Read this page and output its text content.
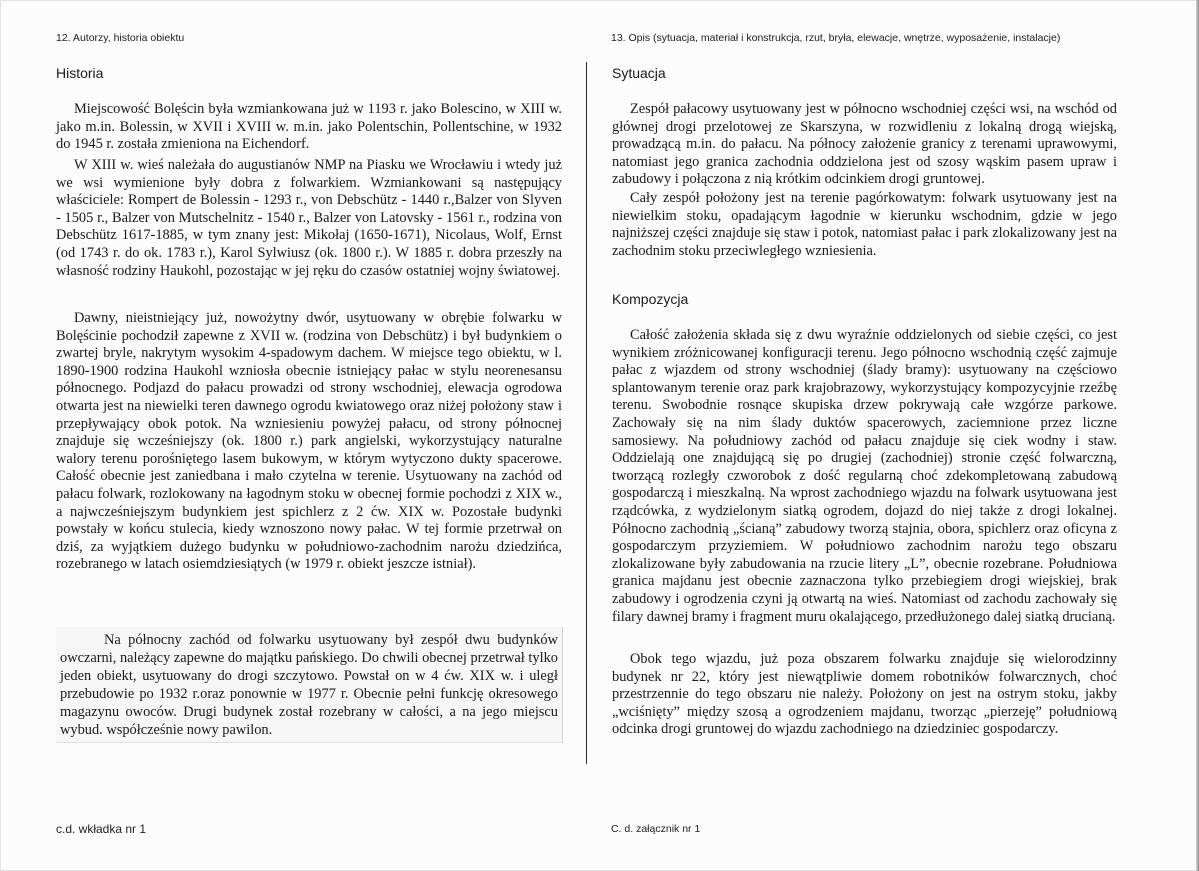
12. Autorzy, historia obiektu
Historia

Miejscowość Bolęścin była wzmiankowana już w 1193 r. jako Bolescino, w XIII w. jako m.in. Bolessin, w XVII i XVIII w. m.in. jako Polentschin, Pollentschine, w 1932 do 1945 r. została zmieniona na Eichendorf.

W XIII w. wieś należała do augustianów NMP na Piasku we Wrocławiu i wtedy już we wsi wymienione były dobra z folwarkiem. Wzmiankowani są następujący właściciele: Rompert de Bolessin - 1293 r., von Debschütz - 1440 r.,Balzer von Slyven - 1505 r., Balzer von Mutschelnitz - 1540 r., Balzer von Latovsky - 1561 r., rodzina von Debschütz 1617-1885, w tym znany jest: Mikołaj (1650-1671), Nicolaus, Wolf, Ernst (od 1743 r. do ok. 1783 r.), Karol Sylwiusz (ok. 1800 r.). W 1885 r. dobra przeszły na własność rodziny Haukohl, pozostając w jej ręku do czasów ostatniej wojny światowej.

Dawny, nieistniejący już, nowożytny dwór, usytuowany w obrębie folwarku w Bolęścinie pochodził zapewne z XVII w. (rodzina von Debschütz) i był budynkiem o zwartej bryle, nakrytym wysokim 4-spadowym dachem. W miejsce tego obiektu, w l. 1890-1900 rodzina Haukohl wzniosła obecnie istniejący pałac w stylu neorenesansu północnego. Podjazd do pałacu prowadzi od strony wschodniej, elewacja ogrodowa otwarta jest na niewielki teren dawnego ogrodu kwiatowego oraz niżej położony staw i przepływający obok potok. Na wzniesieniu powyżej pałacu, od strony północnej znajduje się wcześniejszy (ok. 1800 r.) park angielski, wykorzystujący naturalne walory terenu porośniętego lasem bukowym, w którym wytyczono dukty spacerowe. Całość obecnie jest zaniedbana i mało czytelna w terenie. Usytuowany na zachód od pałacu folwark, rozlokowany na łagodnym stoku w obecnej formie pochodzi z XIX w., a najwcześniejszym budynkiem jest spichlerz z 2 ćw. XIX w. Pozostałe budynki powstały w końcu stulecia, kiedy wznoszono nowy pałac. W tej formie przetrwał on dziś, za wyjątkiem dużego budynku w południowo-zachodnim narożu dziedzińca, rozebranego w latach osiemdziesiątych (w 1979 r. obiekt jeszcze istniał).

Na północny zachód od folwarku usytuowany był zespół dwu budynków owczarni, należący zapewne do majątku pańskiego. Do chwili obecnej przetrwał tylko jeden obiekt, usytuowany do drogi szczytowo. Powstał on w 4 ćw. XIX w. i uległ przebudowie po 1932 r.oraz ponownie w 1977 r. Obecnie pełni funkcję okresowego magazynu owoców. Drugi budynek został rozebrany w całości, a na jego miejscu wybud. współcześnie nowy pawilon.

c.d. wkładka nr 1
13. Opis (sytuacja, materiał i konstrukcja, rzut, bryła, elewacje, wnętrze, wyposażenie, instalacje)
Sytuacja

Zespół pałacowy usytuowany jest w północno wschodniej części wsi, na wschód od głównej drogi przelotowej ze Skarszyna, w rozwidleniu z lokalną drogą wiejską, prowadzącą m.in. do pałacu. Na północy założenie granicy z terenami uprawowymi, natomiast jego granica zachodnia oddzielona jest od szosy wąskim pasem upraw i zabudowy i połączona z nią krótkim odcinkiem drogi gruntowej.

Cały zespół położony jest na terenie pagórkowatym: folwark usytuowany jest na niewielkim stoku, opadającym łagodnie w kierunku wschodnim, gdzie w jego najniższej części znajduje się staw i potok, natomiast pałac i park zlokalizowany jest na zachodnim stoku przeciwległego wzniesienia.

Kompozycja

Całość założenia składa się z dwu wyraźnie oddzielonych od siebie części, co jest wynikiem zróżnicowanej konfiguracji terenu. Jego północno wschodnią część zajmuje pałac z wjazdem od strony wschodniej (ślady bramy): usytuowany na częściowo splantowanym terenie oraz park krajobrazowy, wykorzystujący kompozycyjnie rzeźbę terenu. Swobodnie rosnące skupiska drzew pokrywają całe wzgórze parkowe. Zachowały się na nim ślady duktów spacerowych, zaciemnione przez liczne samosiewy. Na południowy zachód od pałacu znajduje się ciek wodny i staw. Oddzielają one znajdującą się po drugiej (zachodniej) stronie część folwarczną, tworzącą rozległy czworobok z dość regularną choć zdekompletowaną zabudową gospodarczą i mieszkalną. Na wprost zachodniego wjazdu na folwark usytuowana jest rządcówka, z wydzielonym siatką ogrodem, dojazd do niej także z drogi lokalnej. Północno zachodnią „ścianą” zabudowy tworzą stajnia, obora, spichlerz oraz oficyna z gospodarczym przyziemiem. W południowo zachodnim narożu tego obszaru zlokalizowane były zabudowania na rzucie litery „L”, obecnie rozebrane. Południowa granica majdanu jest obecnie zaznaczona tylko przebiegiem drogi wiejskiej, brak zabudowy i ogrodzenia czyni ją otwartą na wieś. Natomiast od zachodu zachowały się filary dawnej bramy i fragment muru okalającego, przedłużonego dalej siatką drucianą.

Obok tego wjazdu, już poza obszarem folwarku znajduje się wielorodzinny budynek nr 22, który jest niewątpliwie domem robotników folwarcznych, choć przestrzennie do tego obszaru nie należy. Położony on jest na ostrym stoku, jakby „wciśnięty” między szosą a ogrodzeniem majdanu, tworząc „pierzeję” południową odcinka drogi gruntowej do wjazdu zachodniego na dziedziniec gospodarczy.

C. d. załącznik nr 1
